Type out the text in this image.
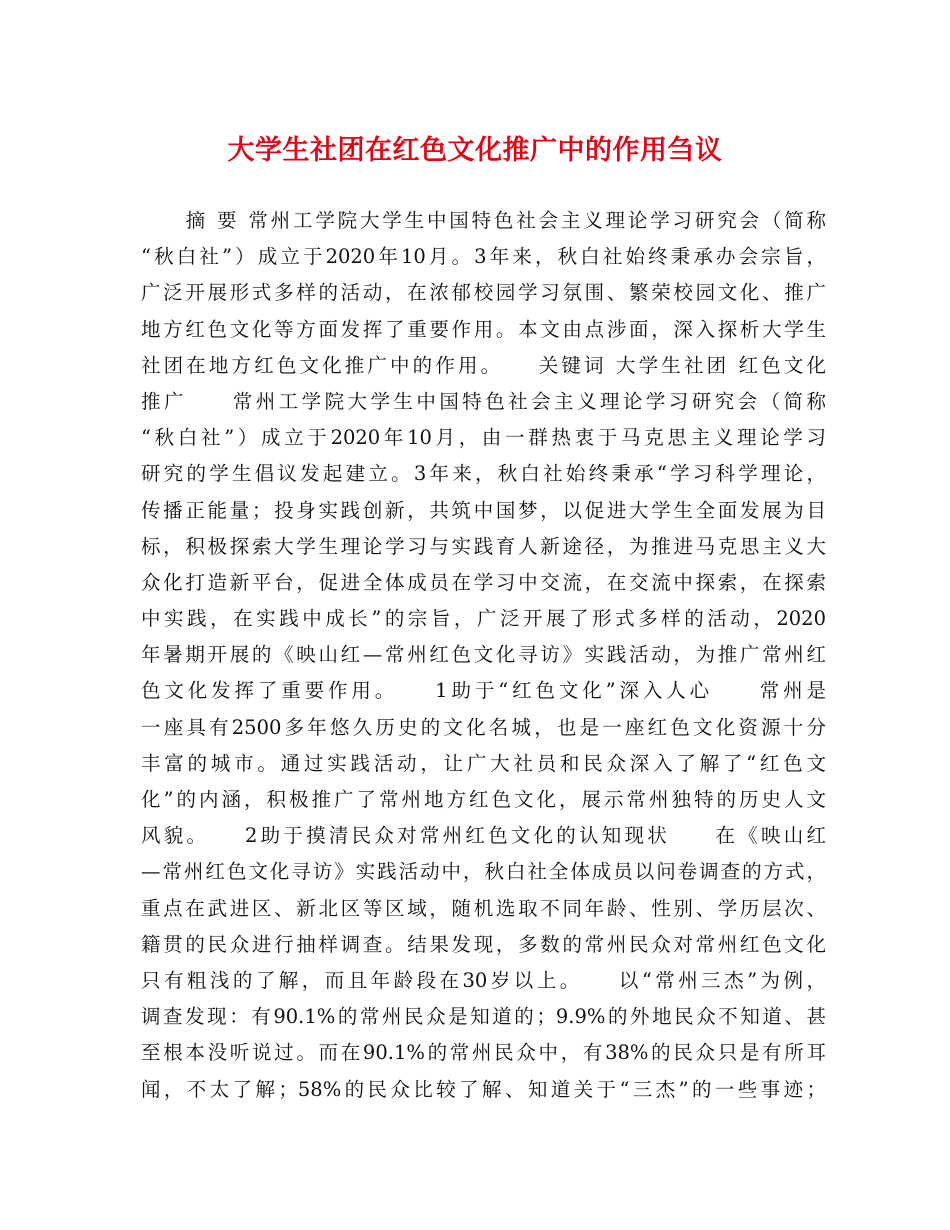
大学生社团在红色文化推广中的作用刍议
　　摘 要 常州工学院大学生中国特色社会主义理论学习研究会（简称
“秋白社”）成立于2020年10月。3年来，秋白社始终秉承办会宗旨，
广泛开展形式多样的活动，在浓郁校园学习氛围、繁荣校园文化、推广
地方红色文化等方面发挥了重要作用。本文由点涉面，深入探析大学生
社团在地方红色文化推广中的作用。　　关键词 大学生社团 红色文化
推广　　常州工学院大学生中国特色社会主义理论学习研究会（简称
“秋白社”）成立于2020年10月，由一群热衷于马克思主义理论学习
研究的学生倡议发起建立。3年来，秋白社始终秉承“学习科学理论，
传播正能量；投身实践创新，共筑中国梦，以促进大学生全面发展为目
标，积极探索大学生理论学习与实践育人新途径，为推进马克思主义大
众化打造新平台，促进全体成员在学习中交流，在交流中探索，在探索
中实践，在实践中成长”的宗旨，广泛开展了形式多样的活动，2020
年暑期开展的《映山红—常州红色文化寻访》实践活动，为推广常州红
色文化发挥了重要作用。　　1助于“红色文化”深入人心　　常州是
一座具有2500多年悠久历史的文化名城，也是一座红色文化资源十分
丰富的城市。通过实践活动，让广大社员和民众深入了解了“红色文
化”的内涵，积极推广了常州地方红色文化，展示常州独特的历史人文
风貌。　　2助于摸清民众对常州红色文化的认知现状　　在《映山红
—常州红色文化寻访》实践活动中，秋白社全体成员以问卷调查的方式，
重点在武进区、新北区等区域，随机选取不同年龄、性别、学历层次、
籍贯的民众进行抽样调查。结果发现，多数的常州民众对常州红色文化
只有粗浅的了解，而且年龄段在30岁以上。　　以“常州三杰”为例，
调查发现：有90.1%的常州民众是知道的；9.9%的外地民众不知道、甚
至根本没听说过。而在90.1%的常州民众中，有38%的民众只是有所耳
闻，不太了解；58%的民众比较了解、知道关于“三杰”的一些事迹；
